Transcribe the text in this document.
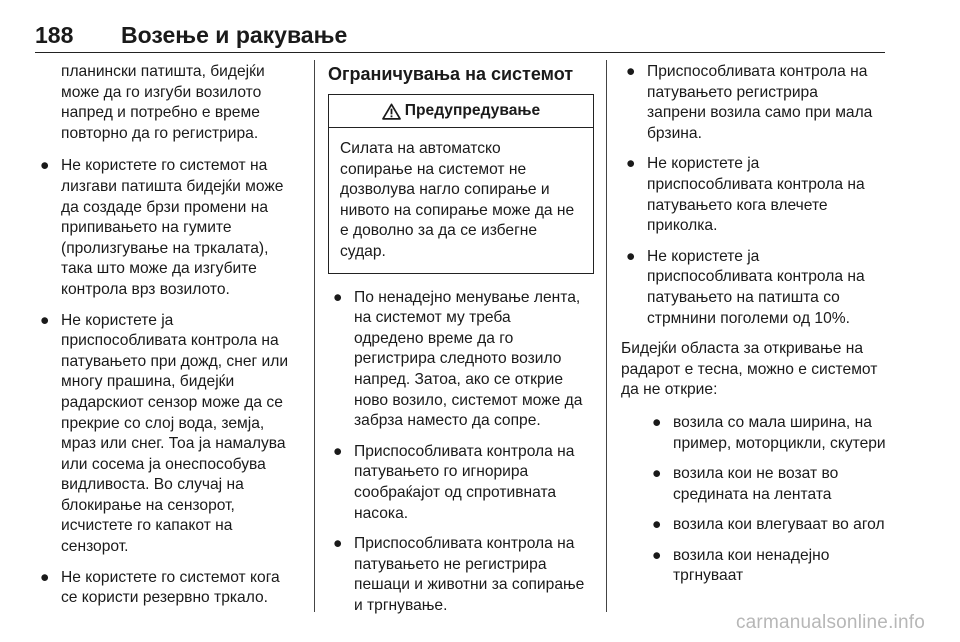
188 Возење и ракување
планински патишта, бидејќи
може да го изгуби возилото
напред и потребно е време
повторно да го регистрира.
● Не користете го системот на
лизгави патишта бидејќи може
да создаде брзи промени на
припивањето на гумите
(пролизгување на тркалата),
така што може да изгубите
контрола врз возилото.
● Не користете ја
приспособливата контрола на
патувањето при дожд, снег или
многу прашина, бидејќи
радарскиот сензор може да се
прекрие со слој вода, земја,
мраз или снег. Тоа ја намалува
или сосема ја онеспособува
видливоста. Во случај на
блокирање на сензорот,
исчистете го капакот на
сензорот.
● Не користете го системот кога
се користи резервно тркало.
Ограничувања на системот
Предупредување
Силата на автоматско
сопирање на системот не
дозволува нагло сопирање и
нивото на сопирање може да не
е доволно за да се избегне
судар.
● По ненадејно менување лента,
на системот му треба
одредено време да го
регистрира следното возило
напред. Затоа, ако се открие
ново возило, системот може да
забрза наместо да сопре.
● Приспособливата контрола на
патувањето го игнорира
сообраќајот од спротивната
насока.
● Приспособливата контрола на
патувањето не регистрира
пешаци и животни за сопирање
и тргнување.
● Приспособливата контрола на
патувањето регистрира
запрени возила само при мала
брзина.
● Не користете ја
приспособливата контрола на
патувањето кога влечете
приколка.
● Не користете ја
приспособливата контрола на
патувањето на патишта со
стрмнини поголеми од 10%.
Бидејќи областа за откривање на
радарот е тесна, можно е системот
да не открие:
● возила со мала ширина, на
пример, моторцикли, скутери
● возила кои не возат во
средината на лентата
● возила кои влегуваат во агол
● возила кои ненадејно
тргнуваат
carmanualsonline.info
